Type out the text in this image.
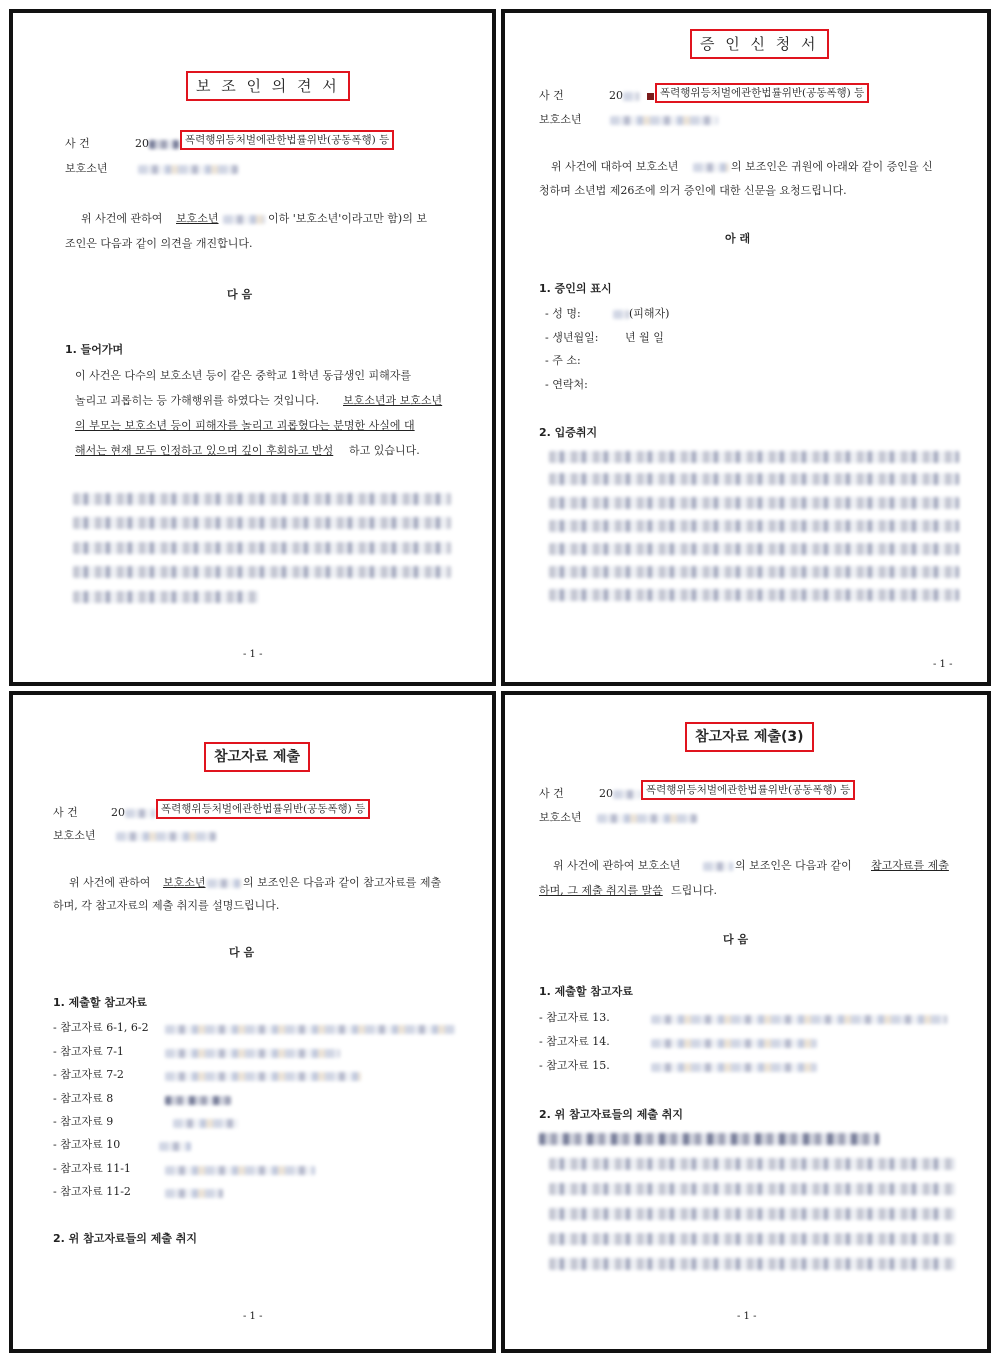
보 조 인 의 견 서
사 건	20	폭력행위등처벌에관한법률위반(공동폭행) 등
보호소년
위 사건에 관하여 보호소년	이하 '보호소년'이라고만 함)의 보
조인은 다음과 같이 의견을 개진합니다.
다 음
1. 들어가며
이 사건은 다수의 보호소년 등이 같은 중학교 1학년 동급생인 피해자를
놀리고 괴롭히는 등 가해행위를 하였다는 것입니다. 보호소년과 보호소년
의 부모는 보호소년 등이 피해자를 놀리고 괴롭혔다는 분명한 사실에 대
해서는 현재 모두 인정하고 있으며 깊이 후회하고 반성 하고 있습니다.
- 1 -
증 인 신 청 서
사 건	20	폭력행위등처벌에관한법률위반(공동폭행) 등
보호소년
위 사건에 대하여 보호소년	의 보조인은 귀원에 아래와 같이 증인을 신
청하며 소년법 제26조에 의거 증인에 대한 신문을 요청드립니다.
아 래
1. 증인의 표시
- 성 명:	(피해자)
- 생년월일: 년 월 일
- 주 소:
- 연락처:
2. 입증취지
- 1 -
참고자료 제출
사 건	20	폭력행위등처벌에관한법률위반(공동폭행) 등
보호소년
위 사건에 관하여 보호소년	의 보조인은 다음과 같이 참고자료를 제출
하며, 각 참고자료의 제출 취지를 설명드립니다.
다 음
1. 제출할 참고자료
- 참고자료 6-1, 6-2
- 참고자료 7-1
- 참고자료 7-2
- 참고자료 8
- 참고자료 9
- 참고자료 10
- 참고자료 11-1
- 참고자료 11-2
2. 위 참고자료들의 제출 취지
- 1 -
참고자료 제출(3)
사 건	20	폭력행위등처벌에관한법률위반(공동폭행) 등
보호소년
위 사건에 관하여 보호소년	의 보조인은 다음과 같이 참고자료를 제출
하며, 그 제출 취지를 말씀 드립니다.
다 음
1. 제출할 참고자료
- 참고자료 13.
- 참고자료 14.
- 참고자료 15.
2. 위 참고자료들의 제출 취지
- 1 -
